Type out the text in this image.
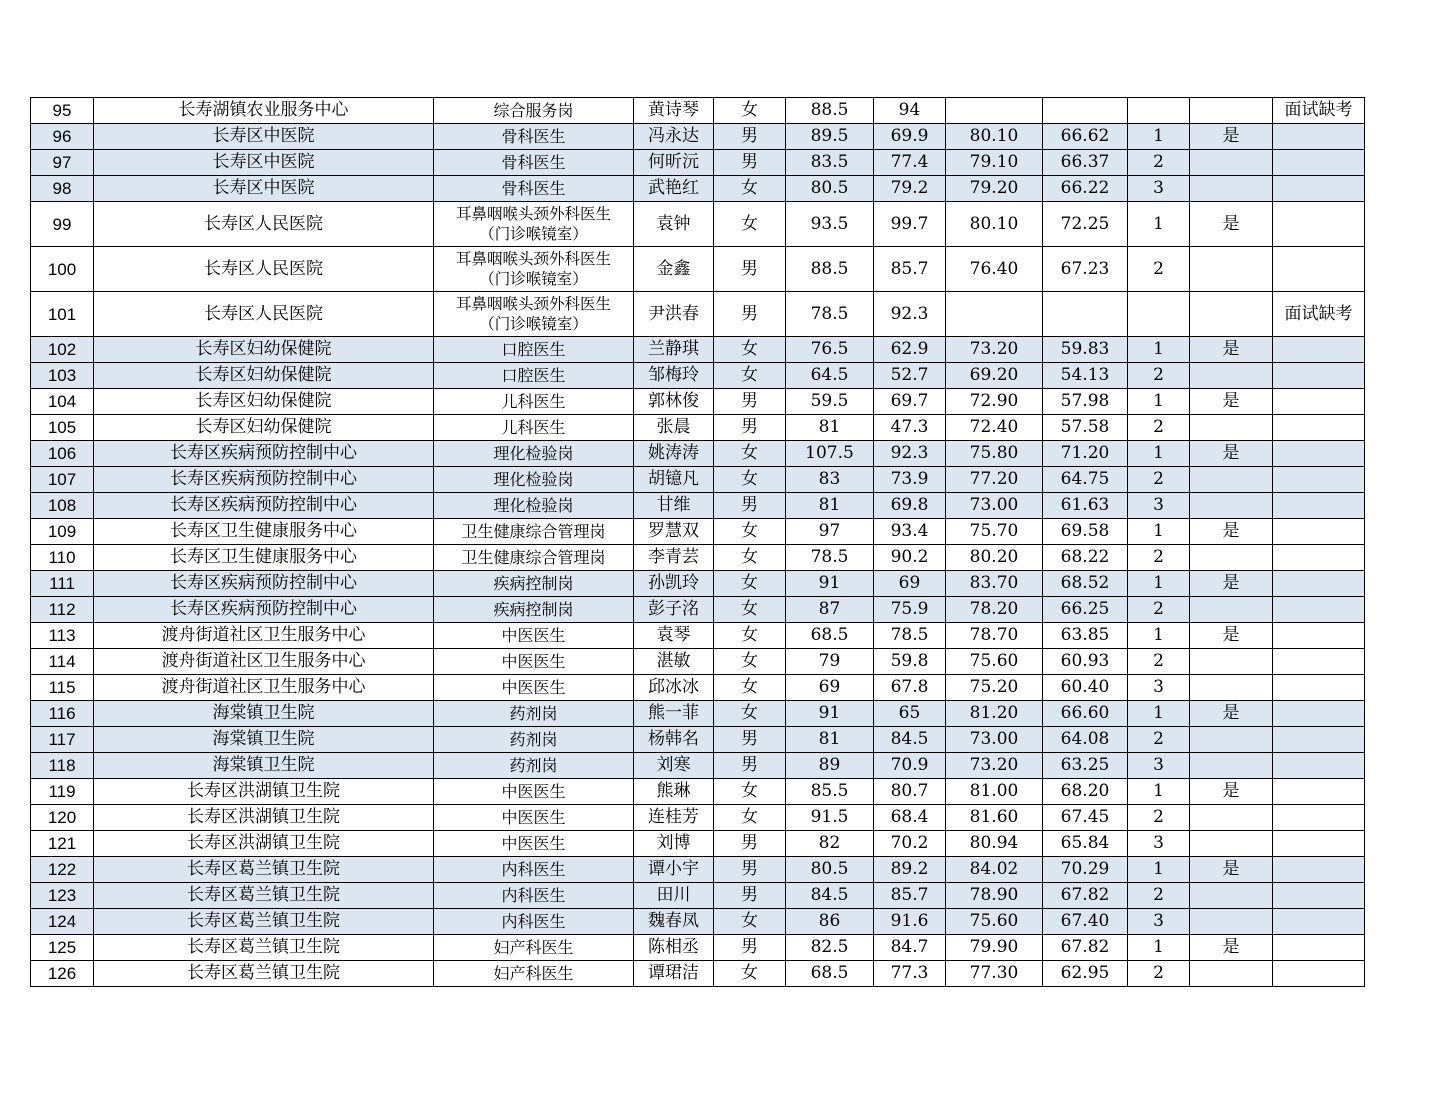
95	长寿湖镇农业服务中心	综合服务岗	黄诗琴	女	88.5	94					面试缺考
96	长寿区中医院	骨科医生	冯永达	男	89.5	69.9	80.10	66.62	1	是	
97	长寿区中医院	骨科医生	何昕沅	男	83.5	77.4	79.10	66.37	2		
98	长寿区中医院	骨科医生	武艳红	女	80.5	79.2	79.20	66.22	3		
99	长寿区人民医院	耳鼻咽喉头颈外科医生
（门诊喉镜室）	袁钟	女	93.5	99.7	80.10	72.25	1	是	
100	长寿区人民医院	耳鼻咽喉头颈外科医生
（门诊喉镜室）	金鑫	男	88.5	85.7	76.40	67.23	2		
101	长寿区人民医院	耳鼻咽喉头颈外科医生
（门诊喉镜室）	尹洪春	男	78.5	92.3					面试缺考
102	长寿区妇幼保健院	口腔医生	兰静琪	女	76.5	62.9	73.20	59.83	1	是	
103	长寿区妇幼保健院	口腔医生	邹梅玲	女	64.5	52.7	69.20	54.13	2		
104	长寿区妇幼保健院	儿科医生	郭林俊	男	59.5	69.7	72.90	57.98	1	是	
105	长寿区妇幼保健院	儿科医生	张晨	男	81	47.3	72.40	57.58	2		
106	长寿区疾病预防控制中心	理化检验岗	姚涛涛	女	107.5	92.3	75.80	71.20	1	是	
107	长寿区疾病预防控制中心	理化检验岗	胡镱凡	女	83	73.9	77.20	64.75	2		
108	长寿区疾病预防控制中心	理化检验岗	甘维	男	81	69.8	73.00	61.63	3		
109	长寿区卫生健康服务中心	卫生健康综合管理岗	罗慧双	女	97	93.4	75.70	69.58	1	是	
110	长寿区卫生健康服务中心	卫生健康综合管理岗	李青芸	女	78.5	90.2	80.20	68.22	2		
111	长寿区疾病预防控制中心	疾病控制岗	孙凯玲	女	91	69	83.70	68.52	1	是	
112	长寿区疾病预防控制中心	疾病控制岗	彭子洺	女	87	75.9	78.20	66.25	2		
113	渡舟街道社区卫生服务中心	中医医生	袁琴	女	68.5	78.5	78.70	63.85	1	是	
114	渡舟街道社区卫生服务中心	中医医生	湛敏	女	79	59.8	75.60	60.93	2		
115	渡舟街道社区卫生服务中心	中医医生	邱冰冰	女	69	67.8	75.20	60.40	3		
116	海棠镇卫生院	药剂岗	熊一菲	女	91	65	81.20	66.60	1	是	
117	海棠镇卫生院	药剂岗	杨韩名	男	81	84.5	73.00	64.08	2		
118	海棠镇卫生院	药剂岗	刘寒	男	89	70.9	73.20	63.25	3		
119	长寿区洪湖镇卫生院	中医医生	熊琳	女	85.5	80.7	81.00	68.20	1	是	
120	长寿区洪湖镇卫生院	中医医生	连桂芳	女	91.5	68.4	81.60	67.45	2		
121	长寿区洪湖镇卫生院	中医医生	刘博	男	82	70.2	80.94	65.84	3		
122	长寿区葛兰镇卫生院	内科医生	谭小宇	男	80.5	89.2	84.02	70.29	1	是	
123	长寿区葛兰镇卫生院	内科医生	田川	男	84.5	85.7	78.90	67.82	2		
124	长寿区葛兰镇卫生院	内科医生	魏春凤	女	86	91.6	75.60	67.40	3		
125	长寿区葛兰镇卫生院	妇产科医生	陈相丞	男	82.5	84.7	79.90	67.82	1	是	
126	长寿区葛兰镇卫生院	妇产科医生	谭珺洁	女	68.5	77.3	77.30	62.95	2		
